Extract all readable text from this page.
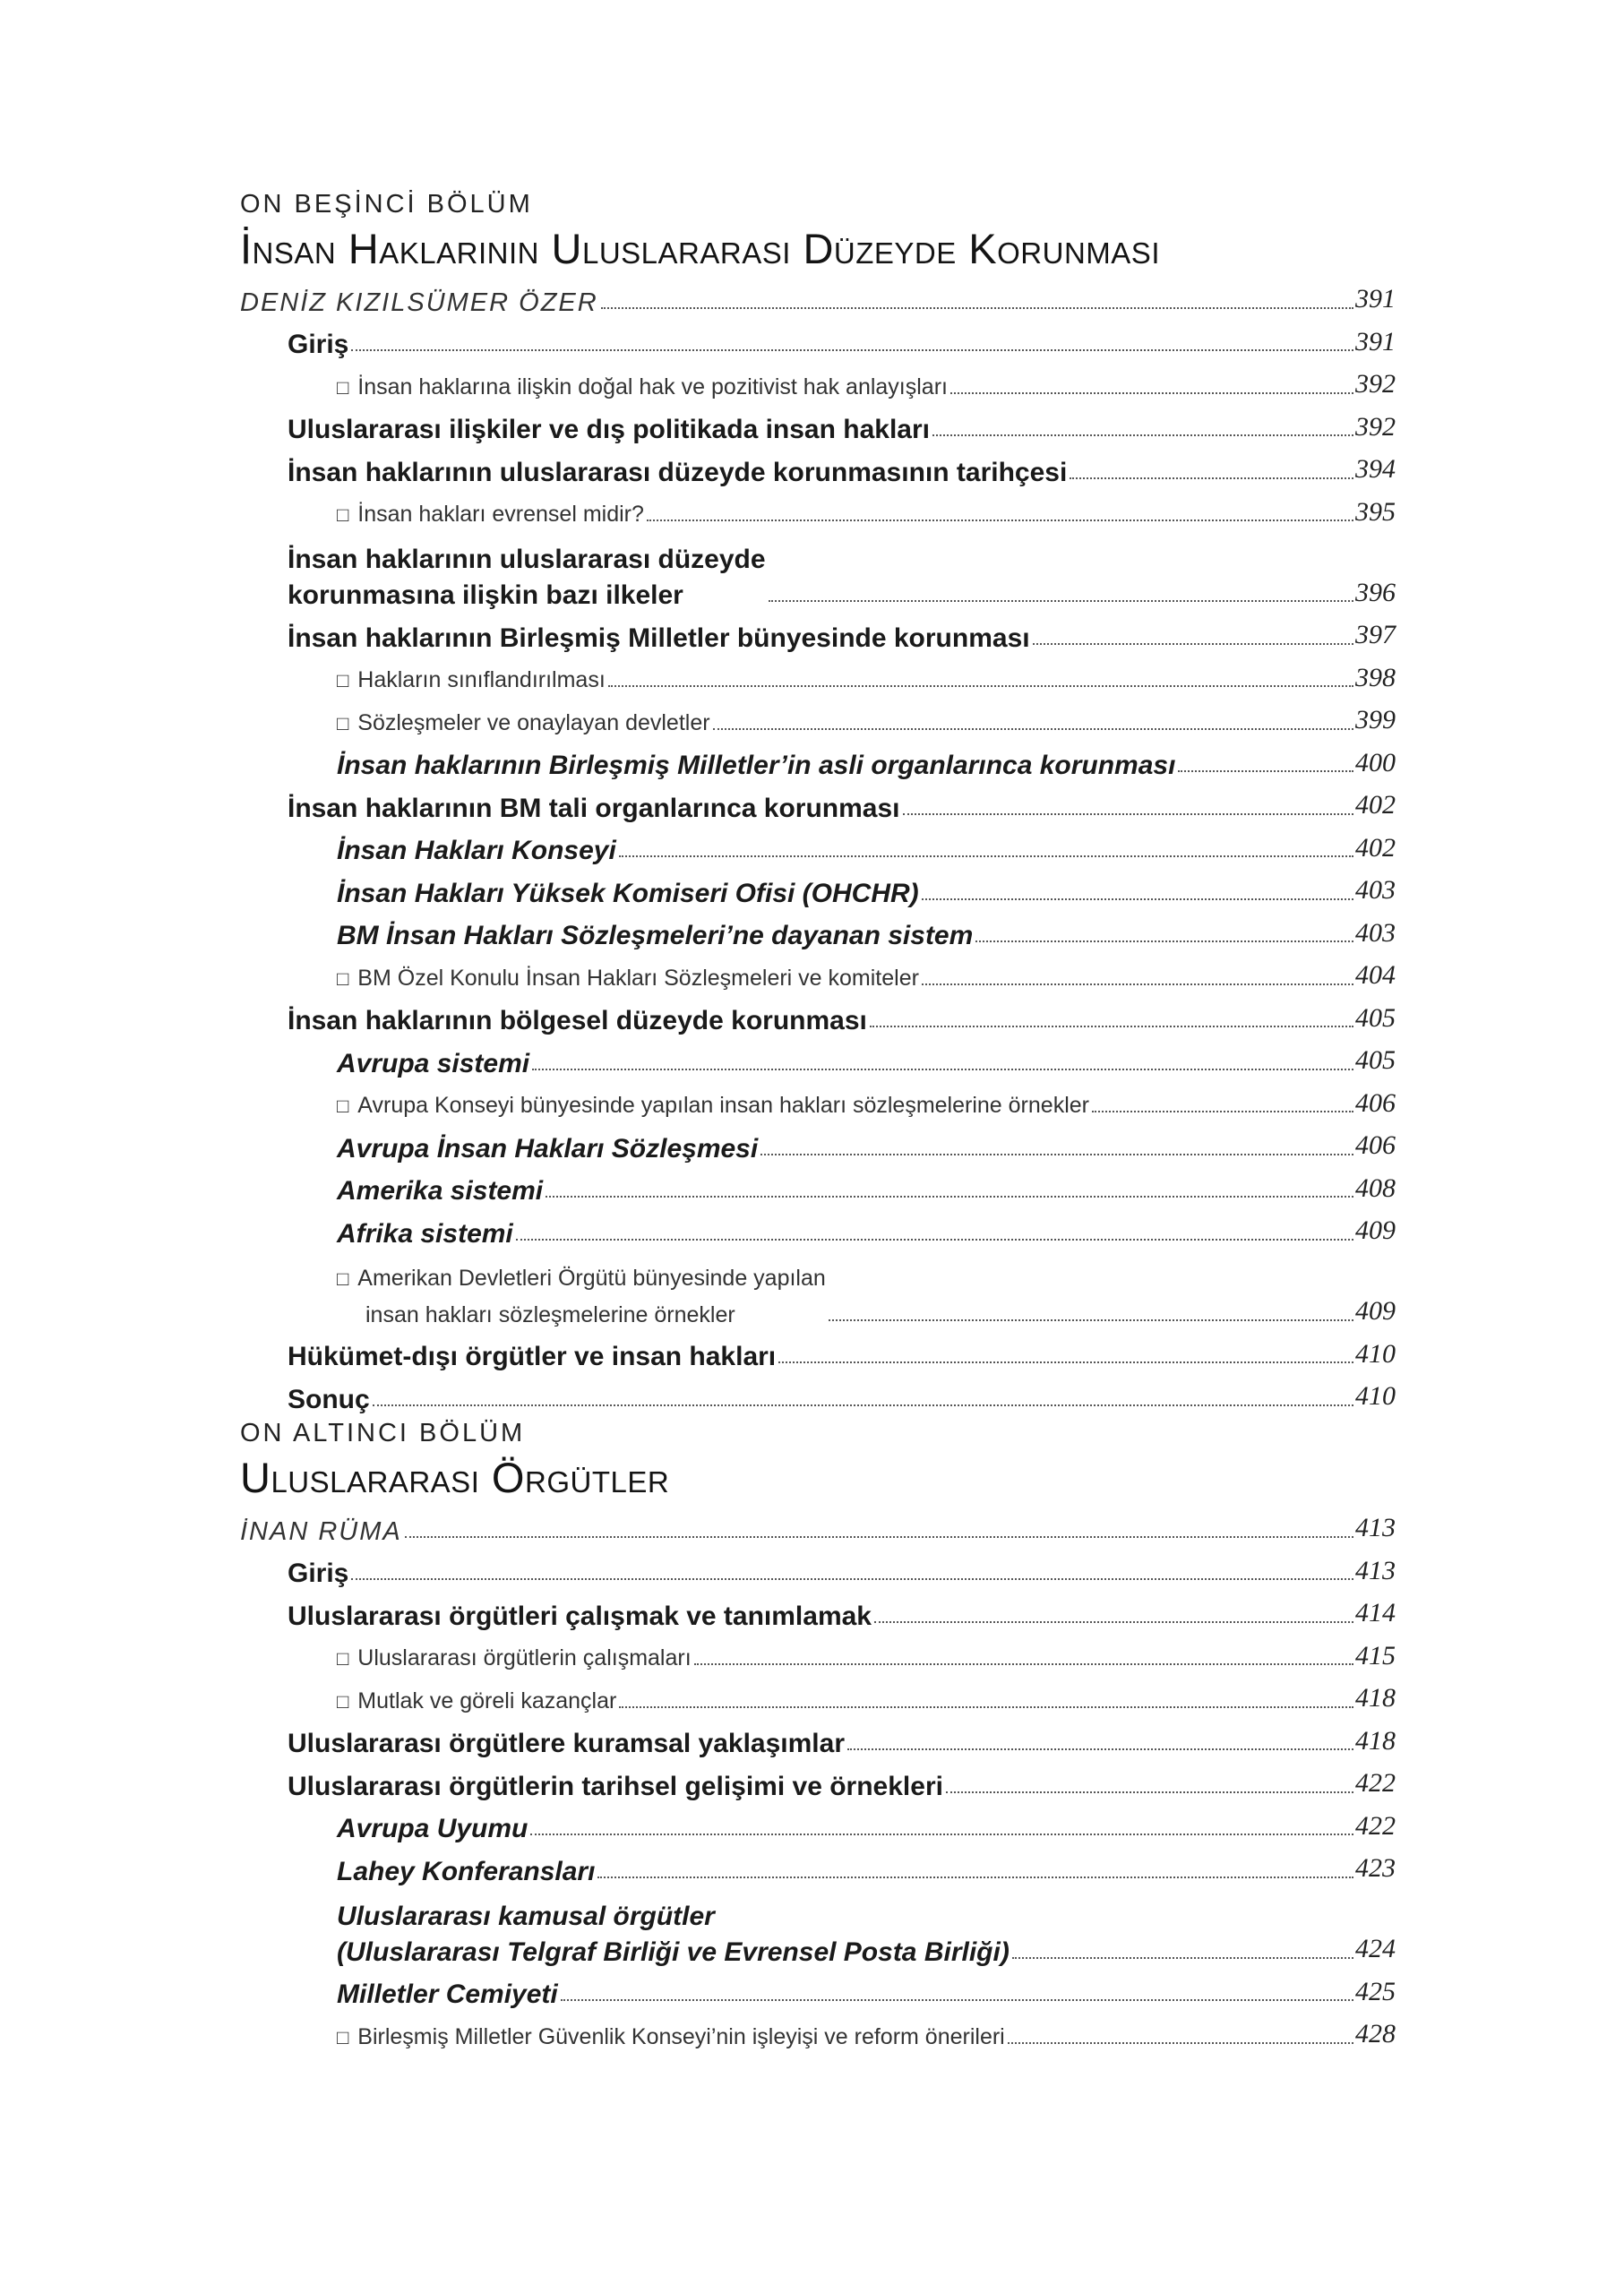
ON BEŞİNCİ BÖLÜM
İnsan Haklarının Uluslararası Düzeyde Korunması
DENİZ KIZILSÜMER ÖZER	391
Giriş	391
□ İnsan haklarına ilişkin doğal hak ve pozitivist hak anlayışları	392
Uluslararası ilişkiler ve dış politikada insan hakları	392
İnsan haklarının uluslararası düzeyde korunmasının tarihçesi	394
□ İnsan hakları evrensel midir?	395
İnsan haklarının uluslararası düzeyde
korunmasına ilişkin bazı ilkeler	396
İnsan haklarının Birleşmiş Milletler bünyesinde korunması	397
□ Hakların sınıflandırılması	398
□ Sözleşmeler ve onaylayan devletler	399
İnsan haklarının Birleşmiş Milletler’in asli organlarınca korunması	400
İnsan haklarının BM tali organlarınca korunması	402
İnsan Hakları Konseyi	402
İnsan Hakları Yüksek Komiseri Ofisi (OHCHR)	403
BM İnsan Hakları Sözleşmeleri’ne dayanan sistem	403
□ BM Özel Konulu İnsan Hakları Sözleşmeleri ve komiteler	404
İnsan haklarının bölgesel düzeyde korunması	405
Avrupa sistemi	405
□ Avrupa Konseyi bünyesinde yapılan insan hakları sözleşmelerine örnekler	406
Avrupa İnsan Hakları Sözleşmesi	406
Amerika sistemi	408
Afrika sistemi	409
□ Amerikan Devletleri Örgütü bünyesinde yapılan
insan hakları sözleşmelerine örnekler	409
Hükümet-dışı örgütler ve insan hakları	410
Sonuç	410
ON ALTINCI BÖLÜM
Uluslararası Örgütler
İNAN RÜMA	413
Giriş	413
Uluslararası örgütleri çalışmak ve tanımlamak	414
□ Uluslararası örgütlerin çalışmaları	415
□ Mutlak ve göreli kazançlar	418
Uluslararası örgütlere kuramsal yaklaşımlar	418
Uluslararası örgütlerin tarihsel gelişimi ve örnekleri	422
Avrupa Uyumu	422
Lahey Konferansları	423
Uluslararası kamusal örgütler
(Uluslararası Telgraf Birliği ve Evrensel Posta Birliği)	424
Milletler Cemiyeti	425
□ Birleşmiş Milletler Güvenlik Konseyi’nin işleyişi ve reform önerileri	428
